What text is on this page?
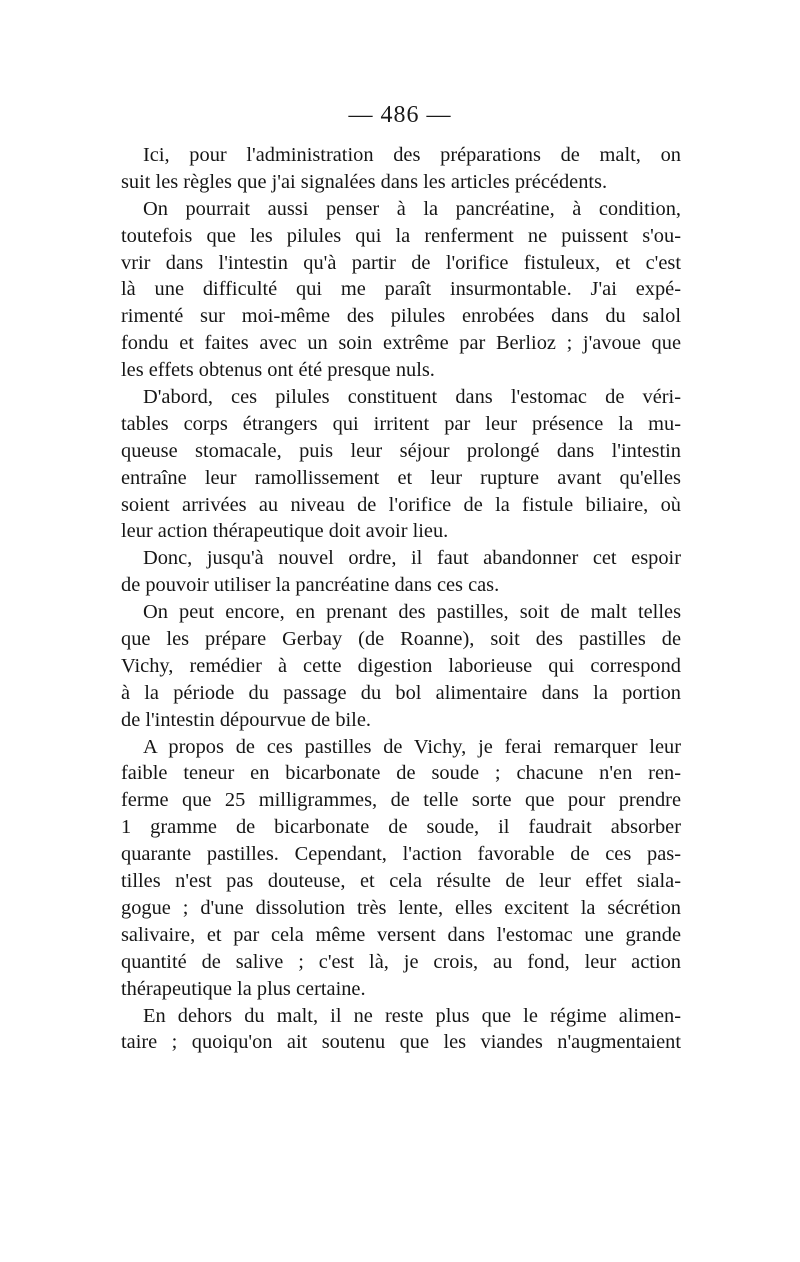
— 486 —
Ici, pour l'administration des préparations de malt, on
suit les règles que j'ai signalées dans les articles précédents.
On pourrait aussi penser à la pancréatine, à condition,
toutefois que les pilules qui la renferment ne puissent s'ou-
vrir dans l'intestin qu'à partir de l'orifice fistuleux, et c'est
là une difficulté qui me paraît insurmontable. J'ai expé-
rimenté sur moi-même des pilules enrobées dans du salol
fondu et faites avec un soin extrême par Berlioz ; j'avoue que
les effets obtenus ont été presque nuls.
D'abord, ces pilules constituent dans l'estomac de véri-
tables corps étrangers qui irritent par leur présence la mu-
queuse stomacale, puis leur séjour prolongé dans l'intestin
entraîne leur ramollissement et leur rupture avant qu'elles
soient arrivées au niveau de l'orifice de la fistule biliaire, où
leur action thérapeutique doit avoir lieu.
Donc, jusqu'à nouvel ordre, il faut abandonner cet espoir
de pouvoir utiliser la pancréatine dans ces cas.
On peut encore, en prenant des pastilles, soit de malt telles
que les prépare Gerbay (de Roanne), soit des pastilles de
Vichy, remédier à cette digestion laborieuse qui correspond
à la période du passage du bol alimentaire dans la portion
de l'intestin dépourvue de bile.
A propos de ces pastilles de Vichy, je ferai remarquer leur
faible teneur en bicarbonate de soude ; chacune n'en ren-
ferme que 25 milligrammes, de telle sorte que pour prendre
1 gramme de bicarbonate de soude, il faudrait absorber
quarante pastilles. Cependant, l'action favorable de ces pas-
tilles n'est pas douteuse, et cela résulte de leur effet siala-
gogue ; d'une dissolution très lente, elles excitent la sécrétion
salivaire, et par cela même versent dans l'estomac une grande
quantité de salive ; c'est là, je crois, au fond, leur action
thérapeutique la plus certaine.
En dehors du malt, il ne reste plus que le régime alimen-
taire ; quoiqu'on ait soutenu que les viandes n'augmentaient
